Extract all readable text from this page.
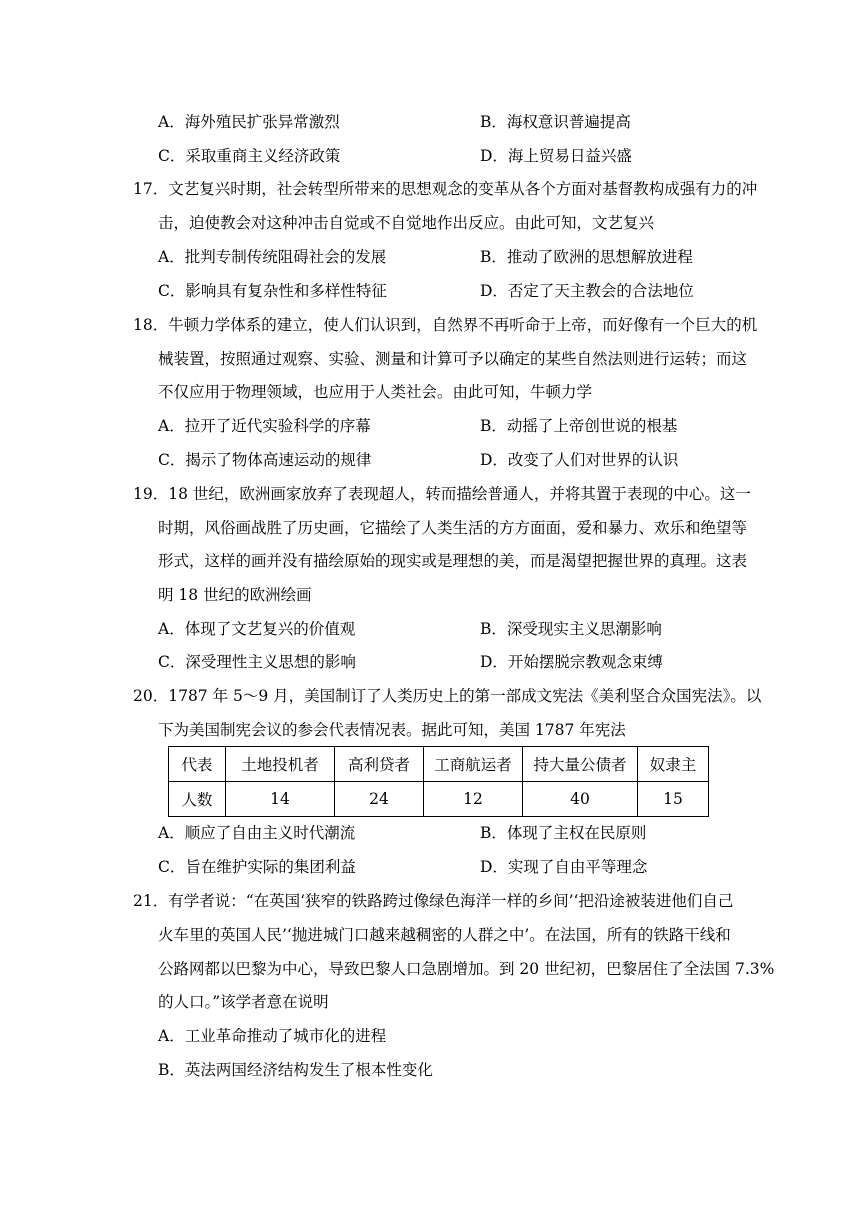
A．海外殖民扩张异常激烈	B．海权意识普遍提高
C．采取重商主义经济政策	D．海上贸易日益兴盛
17．文艺复兴时期，社会转型所带来的思想观念的变革从各个方面对基督教构成强有力的冲
击，迫使教会对这种冲击自觉或不自觉地作出反应。由此可知，文艺复兴
A．批判专制传统阻碍社会的发展	B．推动了欧洲的思想解放进程
C．影响具有复杂性和多样性特征	D．否定了天主教会的合法地位
18．牛顿力学体系的建立，使人们认识到，自然界不再听命于上帝，而好像有一个巨大的机
械装置，按照通过观察、实验、测量和计算可予以确定的某些自然法则进行运转；而这
不仅应用于物理领域，也应用于人类社会。由此可知，牛顿力学
A．拉开了近代实验科学的序幕	B．动摇了上帝创世说的根基
C．揭示了物体高速运动的规律	D．改变了人们对世界的认识
19．18 世纪，欧洲画家放弃了表现超人，转而描绘普通人，并将其置于表现的中心。这一
时期，风俗画战胜了历史画，它描绘了人类生活的方方面面，爱和暴力、欢乐和绝望等
形式，这样的画并没有描绘原始的现实或是理想的美，而是渴望把握世界的真理。这表
明 18 世纪的欧洲绘画
A．体现了文艺复兴的价值观	B．深受现实主义思潮影响
C．深受理性主义思想的影响	D．开始摆脱宗教观念束缚
20．1787 年 5～9 月，美国制订了人类历史上的第一部成文宪法《美利坚合众国宪法》。以
下为美国制宪会议的参会代表情况表。据此可知，美国 1787 年宪法
代表	土地投机者	高利贷者	工商航运者	持大量公债者	奴隶主
人数	14	24	12	40	15
A．顺应了自由主义时代潮流	B．体现了主权在民原则
C．旨在维护实际的集团利益	D．实现了自由平等理念
21．有学者说：“在英国‘狭窄的铁路跨过像绿色海洋一样的乡间’‘把沿途被装进他们自己
火车里的英国人民’‘抛进城门口越来越稠密的人群之中’。在法国，所有的铁路干线和
公路网都以巴黎为中心，导致巴黎人口急剧增加。到 20 世纪初，巴黎居住了全法国 7.3%
的人口。”该学者意在说明
A．工业革命推动了城市化的进程
B．英法两国经济结构发生了根本性变化
